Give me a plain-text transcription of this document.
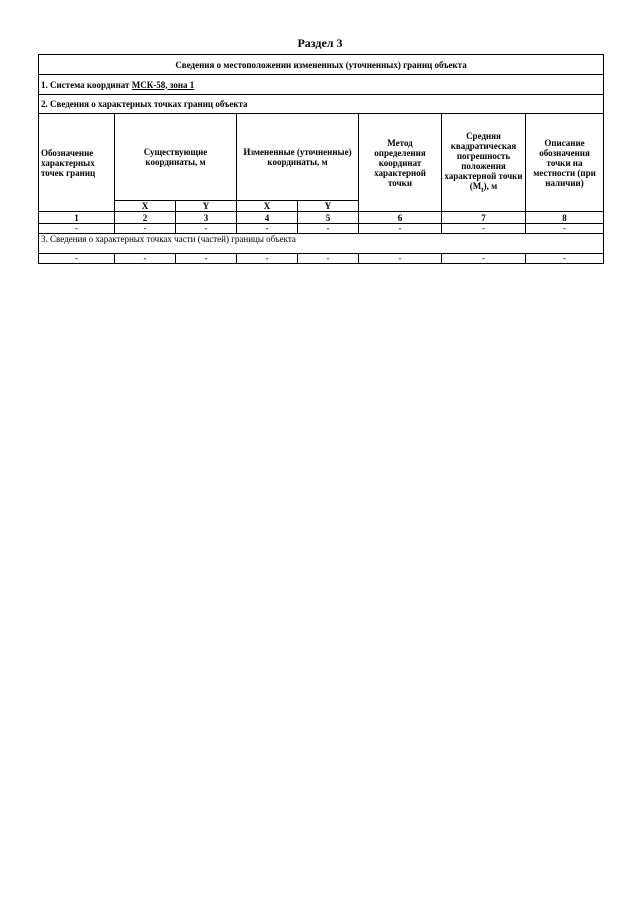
Раздел 3
Сведения о местоположении измененных (уточненных) границ объекта							
1. Система координат МСК-58, зона 1							
2. Сведения о характерных точках границ объекта							
Обозначение характерных точек границ	Существующие координаты, м		Измененные (уточненные) координаты, м		Метод определения координат характерной точки	Средняя квадратическая погрешность положения характерной точки $(M_t)$, м	Описание обозначения точки на местности (при наличии)
	X	Y	X	Y			
1	2	3	4	5	6	7	8
-	-	-	-	-	-	-	-
3. Сведения о характерных точках части (частей) границы объекта							
-	-	-	-	-	-	-	-
